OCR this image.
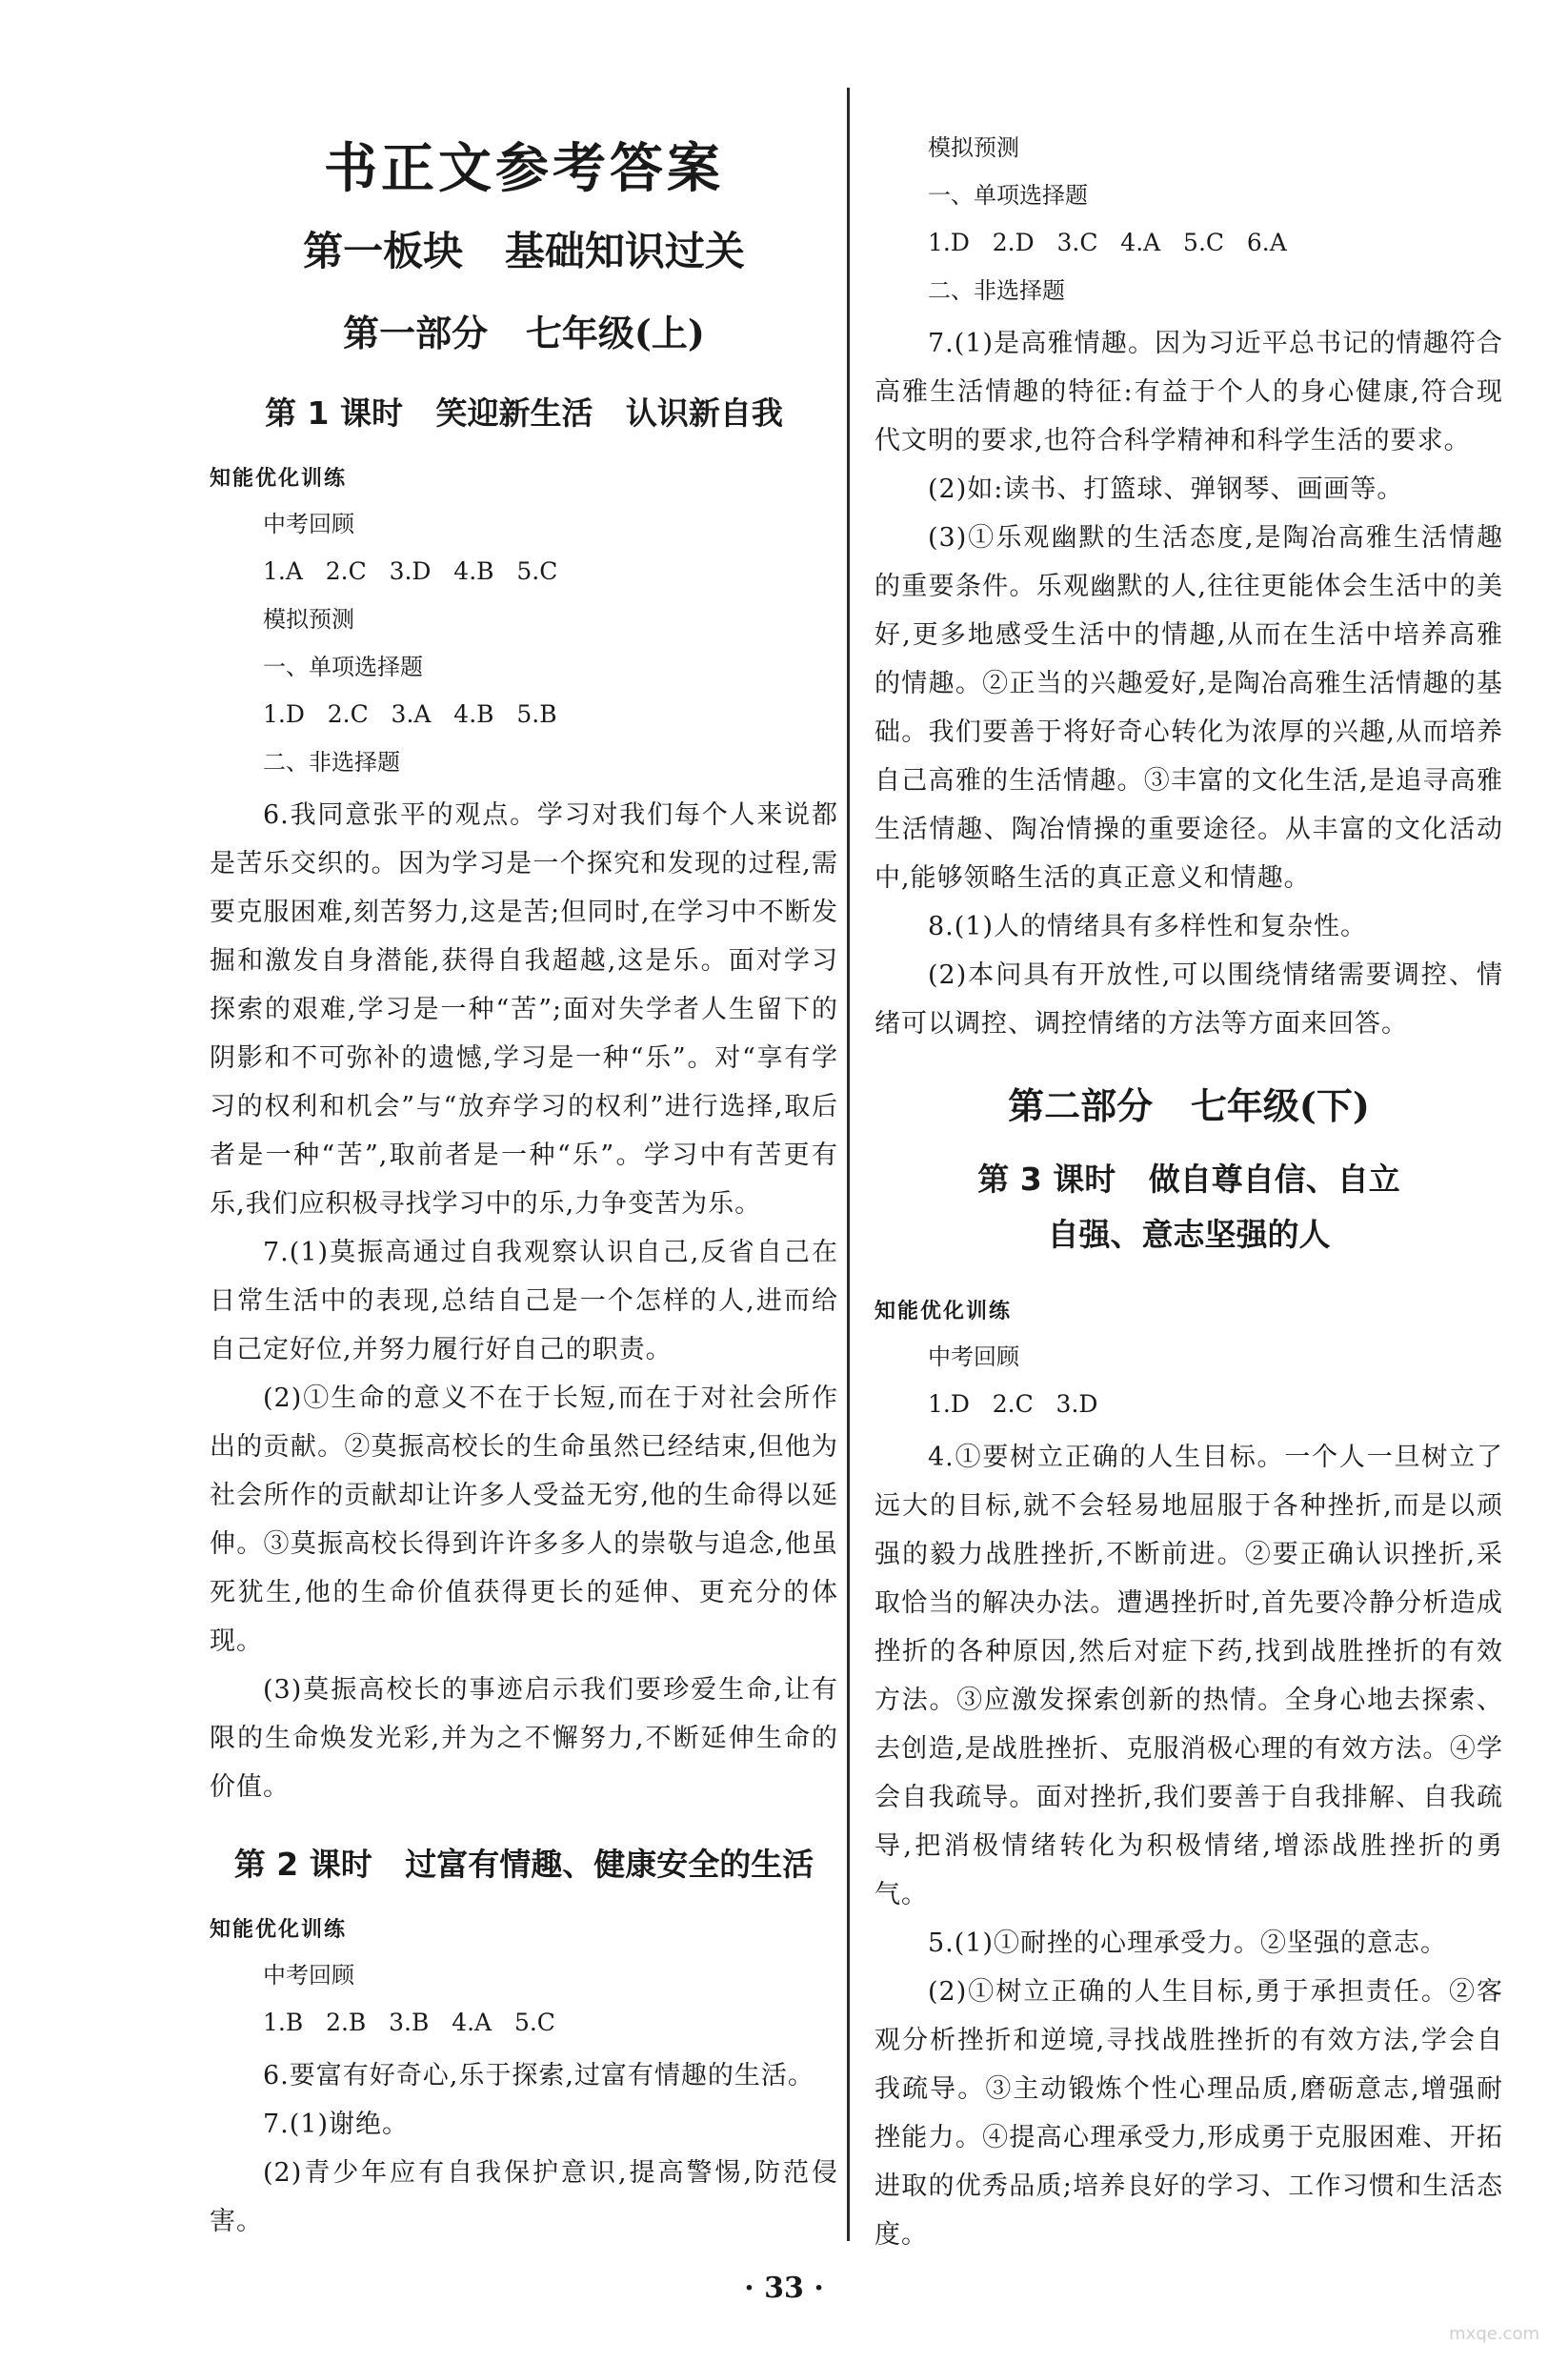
书正文参考答案
第一板块   基础知识过关
第一部分   七年级(上)
第 1 课时   笑迎新生活   认识新自我
知能优化训练
中考回顾
1.A   2.C   3.D   4.B   5.C
模拟预测
一、单项选择题
1.D   2.C   3.A   4.B   5.B
二、非选择题

6.我同意张平的观点。学习对我们每个人来说都是苦乐交织的。因为学习是一个探究和发现的过程,需要克服困难,刻苦努力,这是苦;但同时,在学习中不断发掘和激发自身潜能,获得自我超越,这是乐。面对学习探索的艰难,学习是一种“苦”;面对失学者人生留下的阴影和不可弥补的遗憾,学习是一种“乐”。对“享有学习的权利和机会”与“放弃学习的权利”进行选择,取后者是一种“苦”,取前者是一种“乐”。学习中有苦更有乐,我们应积极寻找学习中的乐,力争变苦为乐。

7.(1)莫振高通过自我观察认识自己,反省自己在日常生活中的表现,总结自己是一个怎样的人,进而给自己定好位,并努力履行好自己的职责。

(2)①生命的意义不在于长短,而在于对社会所作出的贡献。②莫振高校长的生命虽然已经结束,但他为社会所作的贡献却让许多人受益无穷,他的生命得以延伸。③莫振高校长得到许许多多人的崇敬与追念,他虽死犹生,他的生命价值获得更长的延伸、更充分的体现。

(3)莫振高校长的事迹启示我们要珍爱生命,让有限的生命焕发光彩,并为之不懈努力,不断延伸生命的价值。

第 2 课时   过富有情趣、健康安全的生活
知能优化训练
中考回顾
1.B   2.B   3.B   4.A   5.C

6.要富有好奇心,乐于探索,过富有情趣的生活。

7.(1)谢绝。

(2)青少年应有自我保护意识,提高警惕,防范侵害。

模拟预测
一、单项选择题
1.D   2.D   3.C   4.A   5.C   6.A
二、非选择题

7.(1)是高雅情趣。因为习近平总书记的情趣符合高雅生活情趣的特征:有益于个人的身心健康,符合现代文明的要求,也符合科学精神和科学生活的要求。

(2)如:读书、打篮球、弹钢琴、画画等。

(3)①乐观幽默的生活态度,是陶冶高雅生活情趣的重要条件。乐观幽默的人,往往更能体会生活中的美好,更多地感受生活中的情趣,从而在生活中培养高雅的情趣。②正当的兴趣爱好,是陶冶高雅生活情趣的基础。我们要善于将好奇心转化为浓厚的兴趣,从而培养自己高雅的生活情趣。③丰富的文化生活,是追寻高雅生活情趣、陶冶情操的重要途径。从丰富的文化活动中,能够领略生活的真正意义和情趣。

8.(1)人的情绪具有多样性和复杂性。

(2)本问具有开放性,可以围绕情绪需要调控、情绪可以调控、调控情绪的方法等方面来回答。

第二部分   七年级(下)
第 3 课时   做自尊自信、自立
自强、意志坚强的人
知能优化训练
中考回顾
1.D   2.C   3.D

4.①要树立正确的人生目标。一个人一旦树立了远大的目标,就不会轻易地屈服于各种挫折,而是以顽强的毅力战胜挫折,不断前进。②要正确认识挫折,采取恰当的解决办法。遭遇挫折时,首先要冷静分析造成挫折的各种原因,然后对症下药,找到战胜挫折的有效方法。③应激发探索创新的热情。全身心地去探索、去创造,是战胜挫折、克服消极心理的有效方法。④学会自我疏导。面对挫折,我们要善于自我排解、自我疏导,把消极情绪转化为积极情绪,增添战胜挫折的勇气。

5.(1)①耐挫的心理承受力。②坚强的意志。

(2)①树立正确的人生目标,勇于承担责任。②客观分析挫折和逆境,寻找战胜挫折的有效方法,学会自我疏导。③主动锻炼个性心理品质,磨砺意志,增强耐挫能力。④提高心理承受力,形成勇于克服困难、开拓进取的优秀品质;培养良好的学习、工作习惯和生活态度。

· 33 ·
mxqe.com
